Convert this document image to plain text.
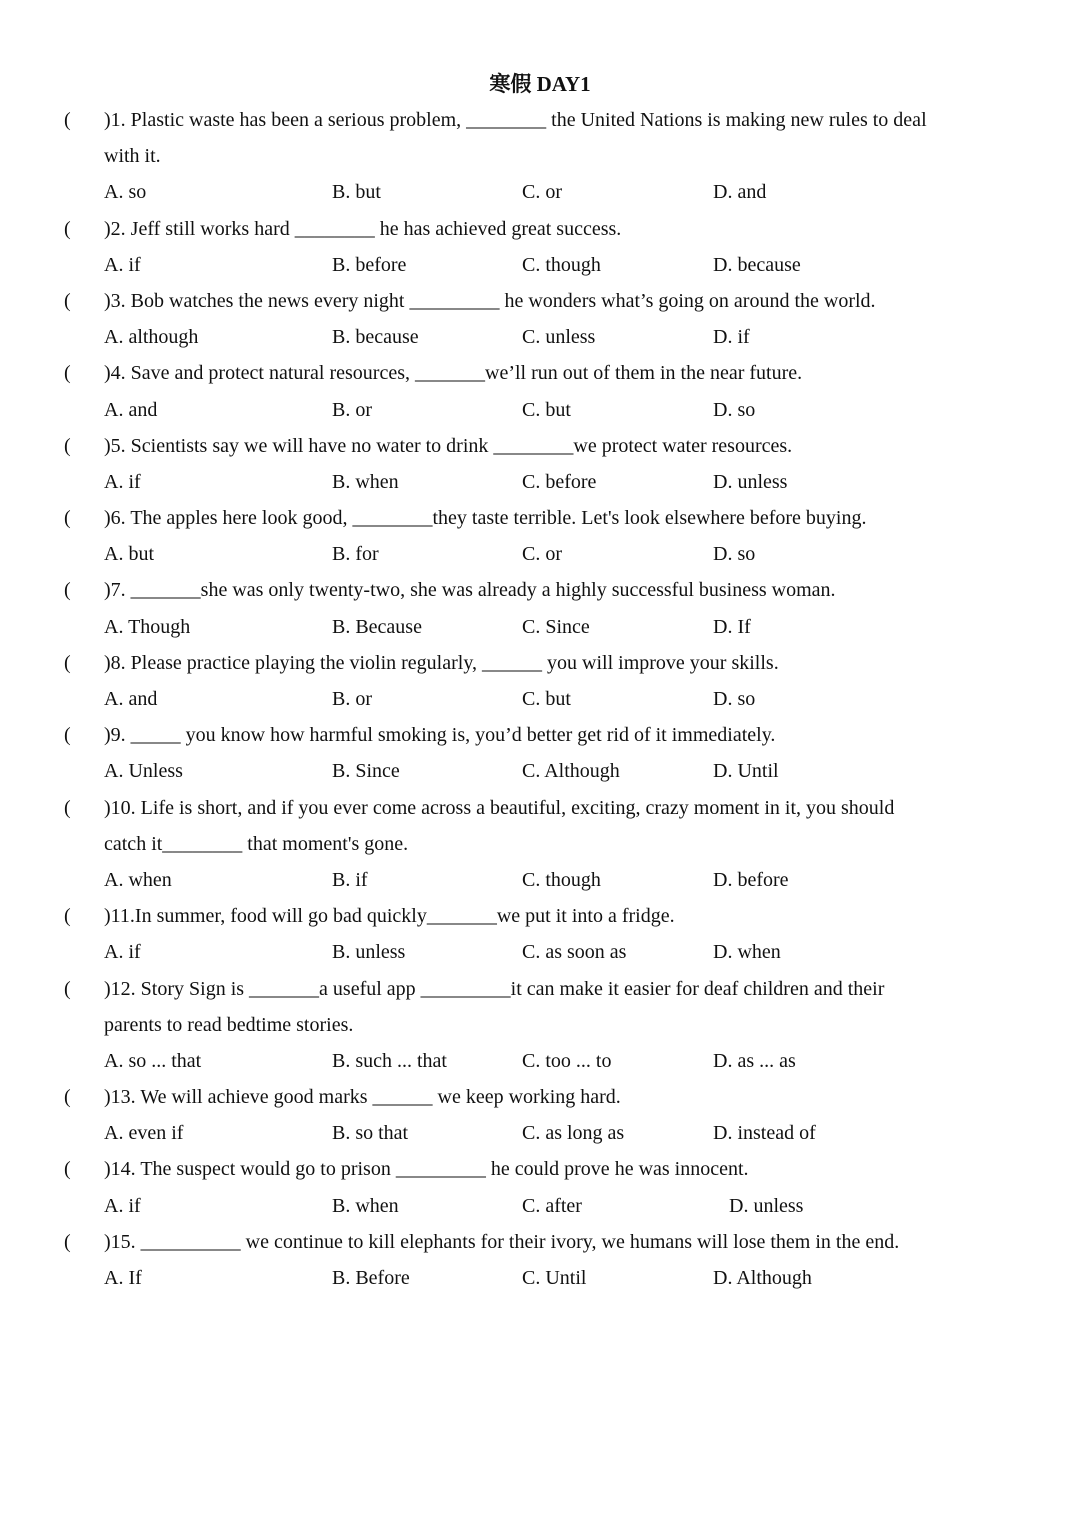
寒假 DAY1
( )1. Plastic waste has been a serious problem, ________ the United Nations is making new rules to deal
with it.
A. so	B. but	C. or	D. and
( )2. Jeff still works hard ________ he has achieved great success.
A. if	B. before	C. though	D. because
( )3. Bob watches the news every night _________ he wonders what’s going on around the world.
A. although	B. because	C. unless	D. if
( )4. Save and protect natural resources, _______we’ll run out of them in the near future.
A. and	B. or	C. but	D. so
( )5. Scientists say we will have no water to drink ________we protect water resources.
A. if	B. when	C. before	D. unless
( )6. The apples here look good, ________they taste terrible. Let's look elsewhere before buying.
A. but	B. for	C. or	D. so
( )7. _______she was only twenty-two, she was already a highly successful business woman.
A. Though	B. Because	C. Since	D. If
( )8. Please practice playing the violin regularly, ______ you will improve your skills.
A. and	B. or	C. but	D. so
( )9. _____ you know how harmful smoking is, you’d better get rid of it immediately.
A. Unless	B. Since	C. Although	D. Until
( )10. Life is short, and if you ever come across a beautiful, exciting, crazy moment in it, you should
catch it________ that moment's gone.
A. when	B. if	C. though	D. before
( )11.In summer, food will go bad quickly_______we put it into a fridge.
A. if	B. unless	C. as soon as	D. when
( )12. Story Sign is _______a useful app _________it can make it easier for deaf children and their
parents to read bedtime stories.
A. so ... that	B. such ... that	C. too ... to	D. as ... as
( )13. We will achieve good marks ______ we keep working hard.
A. even if	B. so that	C. as long as	D. instead of
( )14. The suspect would go to prison _________ he could prove he was innocent.
A. if	B. when	C. after	D. unless
( )15. __________ we continue to kill elephants for their ivory, we humans will lose them in the end.
A. If	B. Before	C. Until	D. Although
